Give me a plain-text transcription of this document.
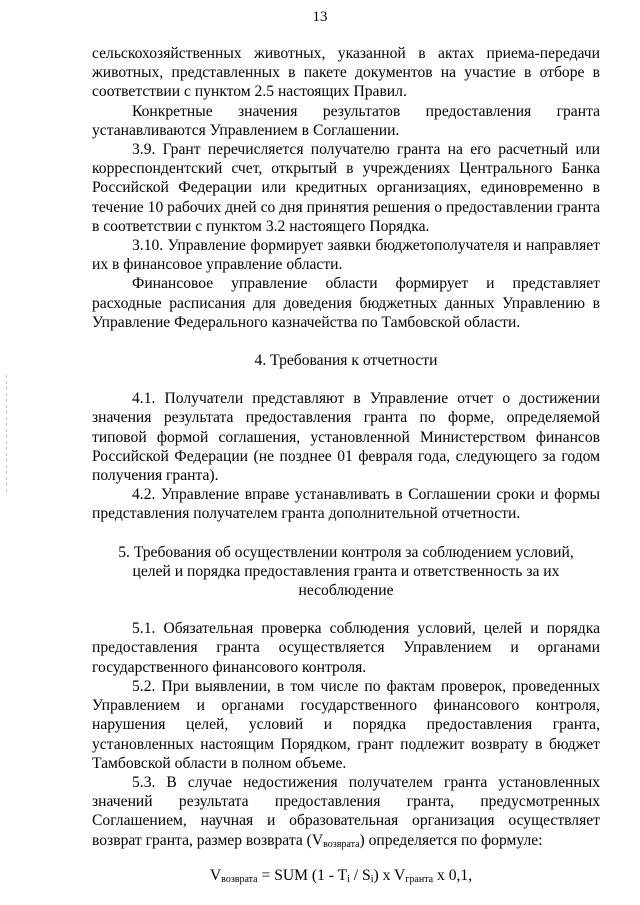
13

сельскохозяйственных животных, указанной в актах приема-передачи животных, представленных в пакете документов на участие в отборе в соответствии с пунктом 2.5 настоящих Правил.

Конкретные значения результатов предоставления гранта

устанавливаются Управлением в Соглашении.

3.9. Грант перечисляется получателю гранта на его расчетный или корреспондентский счет, открытый в учреждениях Центрального Банка Российской Федерации или кредитных организациях, единовременно в течение 10 рабочих дней со дня принятия решения о предоставлении гранта в соответствии с пунктом 3.2 настоящего Порядка.

3.10. Управление формирует заявки бюджетополучателя и направляет их в финансовое управление области.

Финансовое управление области формирует и представляет расходные расписания для доведения бюджетных данных Управлению в Управление Федерального казначейства по Тамбовской области.

4. Требования к отчетности

4.1. Получатели представляют в Управление отчет о достижении значения результата предоставления гранта по форме, определяемой типовой формой соглашения, установленной Министерством финансов Российской Федерации (не позднее 01 февраля года, следующего за годом получения гранта).

4.2. Управление вправе устанавливать в Соглашении сроки и формы представления получателем гранта дополнительной отчетности.

5. Требования об осуществлении контроля за соблюдением условий, целей и порядка предоставления гранта и ответственность за их несоблюдение

5.1. Обязательная проверка соблюдения условий, целей и порядка предоставления гранта осуществляется Управлением и органами государственного финансового контроля.

5.2. При выявлении, в том числе по фактам проверок, проведенных Управлением и органами государственного финансового контроля, нарушения целей, условий и порядка предоставления гранта, установленных настоящим Порядком, грант подлежит возврату в бюджет Тамбовской области в полном объеме.

5.3. В случае недостижения получателем гранта установленных значений результата предоставления гранта, предусмотренных Соглашением, научная и образовательная организация осуществляет возврат гранта, размер возврата $(V_{возврата})$ определяется по формуле:

$V_{возврата}$ = SUM $(1 - T_i / S_i)$ x $V_{гранта}$ x 0,1,
